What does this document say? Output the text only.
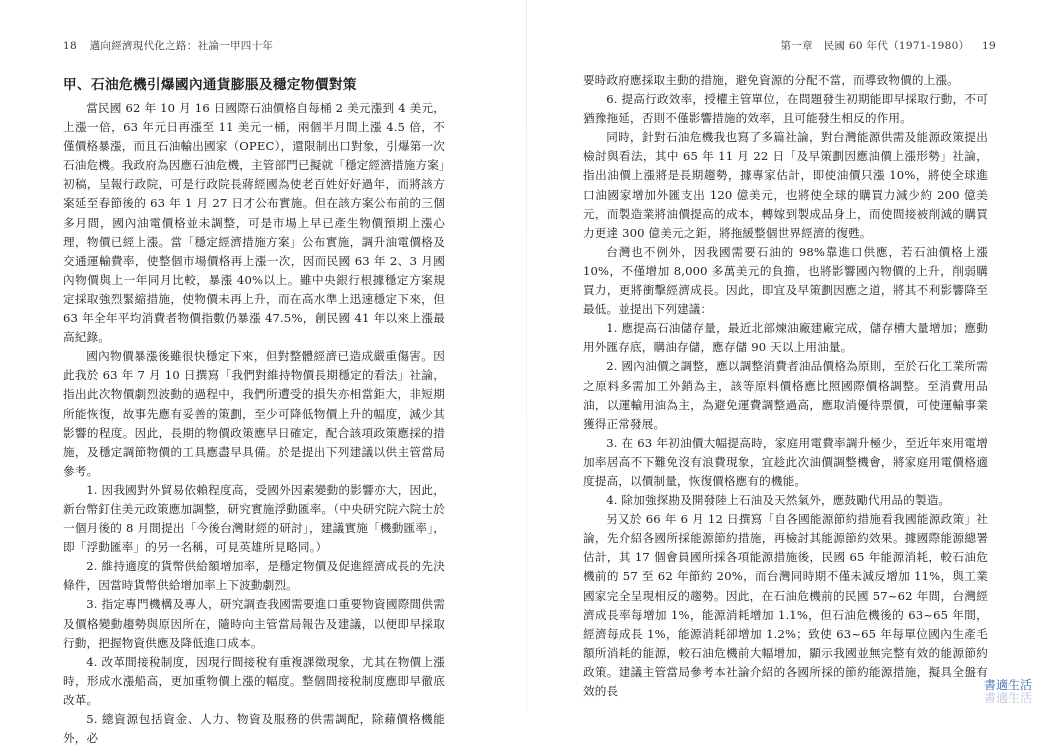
18 邁向經濟現代化之路：社論一甲四十年
甲、石油危機引爆國內通貨膨脹及穩定物價對策

當民國 62 年 10 月 16 日國際石油價格自每桶 2 美元漲到 4 美元，上漲一倍，63 年元日再漲至 11 美元一桶，兩個半月間上漲 4.5 倍，不僅價格暴漲，而且石油輸出國家（OPEC），還限制出口對象，引爆第一次石油危機。我政府為因應石油危機，主管部門已擬就「穩定經濟措施方案」初稿，呈報行政院，可是行政院長蔣經國為使老百姓好好過年，而將該方案延至春節後的 63 年 1 月 27 日才公布實施。但在該方案公布前的三個多月間，國內油電價格並未調整，可是市場上早已產生物價預期上漲心理，物價已經上漲。當「穩定經濟措施方案」公布實施，調升油電價格及交通運輸費率，使整個市場價格再上漲一次，因而民國 63 年 2、3 月國內物價與上一年同月比較，暴漲 40%以上。雖中央銀行根據穩定方案規定採取強烈緊縮措施，使物價未再上升，而在高水準上迅速穩定下來，但 63 年全年平均消費者物價指數仍暴漲 47.5%，創民國 41 年以來上漲最高紀錄。

國內物價暴漲後雖很快穩定下來，但對整體經濟已造成嚴重傷害。因此我於 63 年 7 月 10 日撰寫「我們對維持物價長期穩定的看法」社論，指出此次物價劇烈波動的過程中，我們所遭受的損失亦相當鉅大，非短期所能恢復，故事先應有妥善的策劃，至少可降低物價上升的幅度，減少其影響的程度。因此，長期的物價政策應早日確定，配合該項政策應採的措施，及穩定調節物價的工具應盡早具備。於是提出下列建議以供主管當局參考。

1. 因我國對外貿易依賴程度高，受國外因素變動的影響亦大，因此，新台幣釘住美元政策應加調整，研究實施浮動匯率。（中央研究院六院士於一個月後的 8 月間提出「今後台灣財經的研討」，建議實施「機動匯率」，即「浮動匯率」的另一名稱，可見英雄所見略同。）

2. 維持適度的貨幣供給額增加率，是穩定物價及促進經濟成長的先決條件，因當時貨幣供給增加率上下波動劇烈。

3. 指定專門機構及專人，研究調查我國需要進口重要物資國際間供需及價格變動趨勢與原因所在，隨時向主管當局報告及建議，以便即早採取行動，把握物資供應及降低進口成本。

4. 改革間接稅制度，因現行間接稅有重複課徵現象，尤其在物價上漲時，形成水漲船高，更加重物價上漲的幅度。整個間接稅制度應即早徹底改革。

5. 總資源包括資金、人力、物資及服務的供需調配，除藉價格機能外，必

第一章　民國 60 年代（1971-1980） 19

要時政府應採取主動的措施，避免資源的分配不當，而導致物價的上漲。

6. 提高行政效率，授權主管單位，在問題發生初期能即早採取行動，不可猶豫拖延，否則不僅影響措施的效率，且可能發生相反的作用。

同時，針對石油危機我也寫了多篇社論，對台灣能源供需及能源政策提出檢討與看法，其中 65 年 11 月 22 日「及早策劃因應油價上漲形勢」社論，指出油價上漲將是長期趨勢，據專家估計，即使油價只漲 10%，將使全球進口油國家增加外匯支出 120 億美元，也將使全球的購買力減少約 200 億美元，而製造業將油價提高的成本，轉嫁到製成品身上，而使間接被削減的購買力更達 300 億美元之鉅，將拖緩整個世界經濟的復甦。

台灣也不例外，因我國需要石油的 98%靠進口供應，若石油價格上漲 10%，不僅增加 8,000 多萬美元的負擔，也將影響國內物價的上升，削弱購買力，更將衝擊經濟成長。因此，即宜及早策劃因應之道，將其不利影響降至最低。並提出下列建議：

1. 應提高石油儲存量，最近北部煉油廠建廠完成，儲存槽大量增加；應動用外匯存底，購油存儲，應存儲 90 天以上用油量。

2. 國內油價之調整，應以調整消費者油品價格為原則，至於石化工業所需之原料多需加工外銷為主，該等原料價格應比照國際價格調整。至消費用品油，以運輸用油為主，為避免運費調整過高，應取消優待票價，可使運輸事業獲得正常發展。

3. 在 63 年初油價大幅提高時，家庭用電費率調升極少，至近年來用電增加率居高不下難免沒有浪費現象，宜趁此次油價調整機會，將家庭用電價格適度提高，以價制量，恢復價格應有的機能。

4. 除加強探勘及開發陸上石油及天然氣外，應鼓勵代用品的製造。

另又於 66 年 6 月 12 日撰寫「自各國能源節約措施看我國能源政策」社論，先介紹各國所採能源節約措施，再檢討其能源節約效果。據國際能源總署估計，其 17 個會員國所採各項能源措施後，民國 65 年能源消耗，較石油危機前的 57 至 62 年節約 20%，而台灣同時期不僅未減反增加 11%，與工業國家完全呈現相反的趨勢。因此，在石油危機前的民國 57~62 年間，台灣經濟成長率每增加 1%，能源消耗增加 1.1%，但石油危機後的 63~65 年間，經濟每成長 1%，能源消耗卻增加 1.2%；致使 63~65 年每單位國內生產毛額所消耗的能源，較石油危機前大幅增加，顯示我國並無完整有效的能源節約政策。建議主管當局參考本社論介紹的各國所採的節約能源措施，擬具全盤有效的長	書適生活
書適生活
